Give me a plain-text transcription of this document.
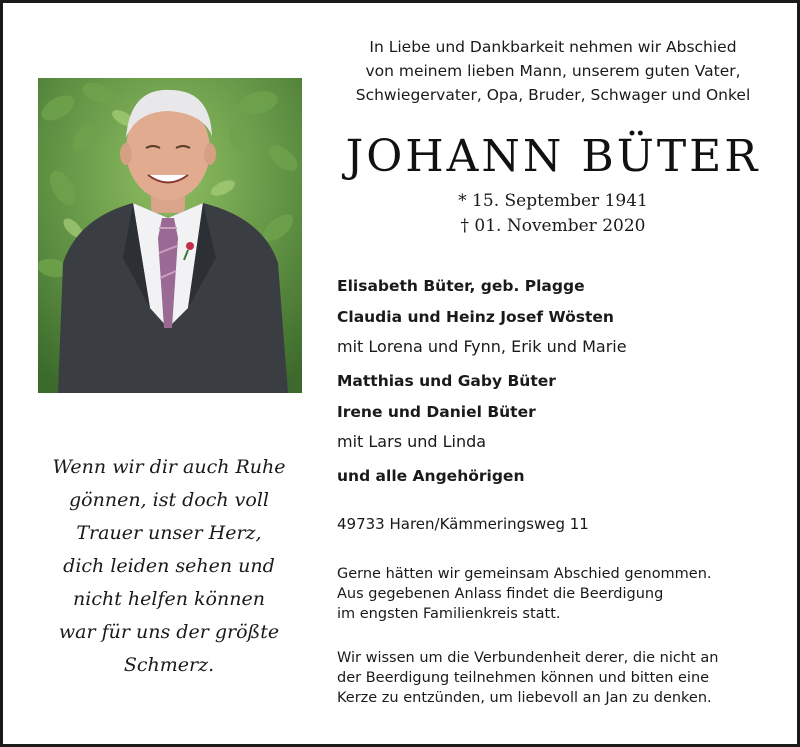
In Liebe und Dankbarkeit nehmen wir Abschied
von meinem lieben Mann, unserem guten Vater,
Schwiegervater, Opa, Bruder, Schwager und Onkel
JOHANN BÜTER
* 15. September 1941
† 01. November 2020
Elisabeth Büter, geb. Plagge
Claudia und Heinz Josef Wösten
mit Lorena und Fynn, Erik und Marie
Matthias und Gaby Büter
Irene und Daniel Büter
mit Lars und Linda
und alle Angehörigen
49733 Haren/Kämmeringsweg 11
Gerne hätten wir gemeinsam Abschied genommen.
Aus gegebenen Anlass findet die Beerdigung
im engsten Familienkreis statt.
Wir wissen um die Verbundenheit derer, die nicht an
der Beerdigung teilnehmen können und bitten eine
Kerze zu entzünden, um liebevoll an Jan zu denken.
Wenn wir dir auch Ruhe
gönnen, ist doch voll
Trauer unser Herz,
dich leiden sehen und
nicht helfen können
war für uns der größte
Schmerz.
